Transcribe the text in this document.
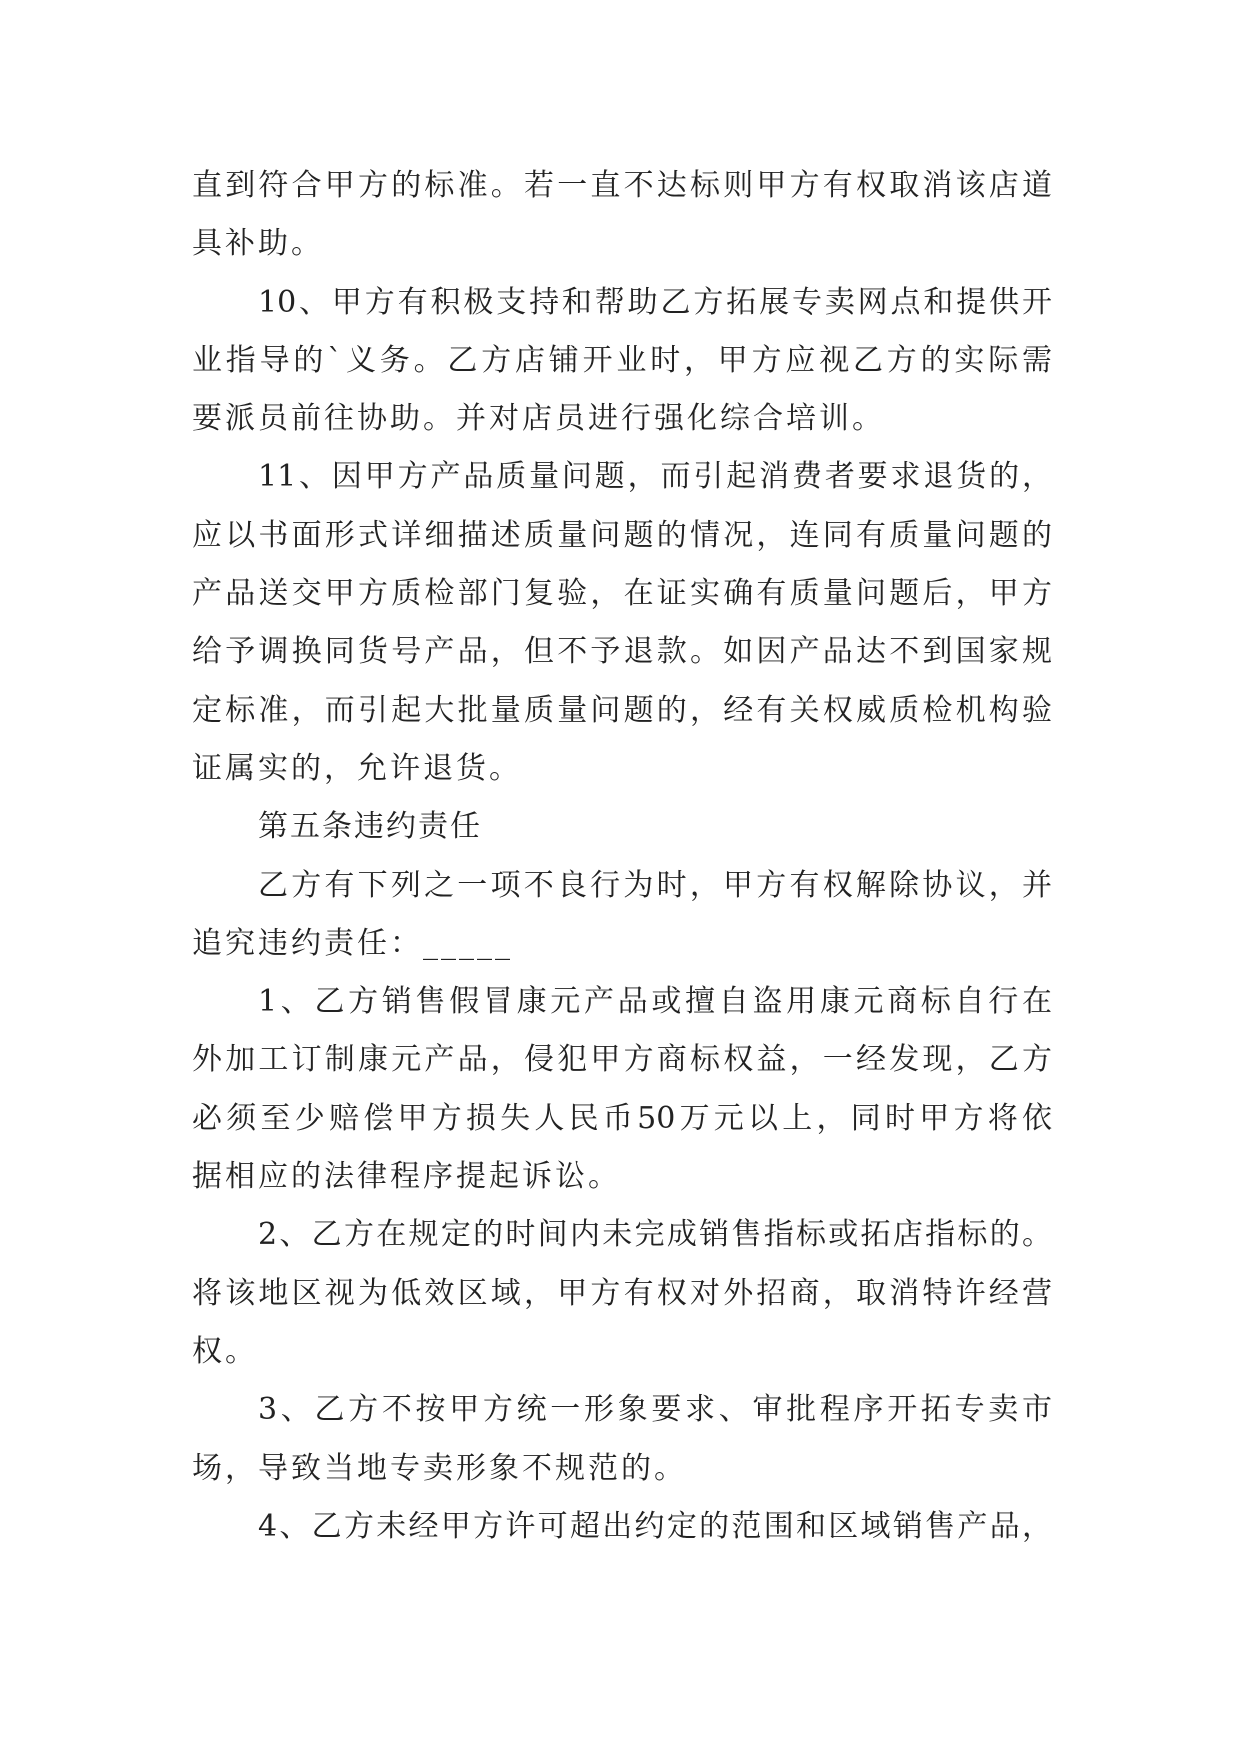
直到符合甲方的标准。若一直不达标则甲方有权取消该店道
具补助。
10、甲方有积极支持和帮助乙方拓展专卖网点和提供开
业指导的`义务。乙方店铺开业时，甲方应视乙方的实际需
要派员前往协助。并对店员进行强化综合培训。
11、因甲方产品质量问题，而引起消费者要求退货的，
应以书面形式详细描述质量问题的情况，连同有质量问题的
产品送交甲方质检部门复验，在证实确有质量问题后，甲方
给予调换同货号产品，但不予退款。如因产品达不到国家规
定标准，而引起大批量质量问题的，经有关权威质检机构验
证属实的，允许退货。
第五条违约责任
乙方有下列之一项不良行为时，甲方有权解除协议，并
追究违约责任：_____
1、乙方销售假冒康元产品或擅自盗用康元商标自行在
外加工订制康元产品，侵犯甲方商标权益，一经发现，乙方
必须至少赔偿甲方损失人民币50万元以上，同时甲方将依
据相应的法律程序提起诉讼。
2、乙方在规定的时间内未完成销售指标或拓店指标的。
将该地区视为低效区域，甲方有权对外招商，取消特许经营
权。
3、乙方不按甲方统一形象要求、审批程序开拓专卖市
场，导致当地专卖形象不规范的。
4、乙方未经甲方许可超出约定的范围和区域销售产品，
